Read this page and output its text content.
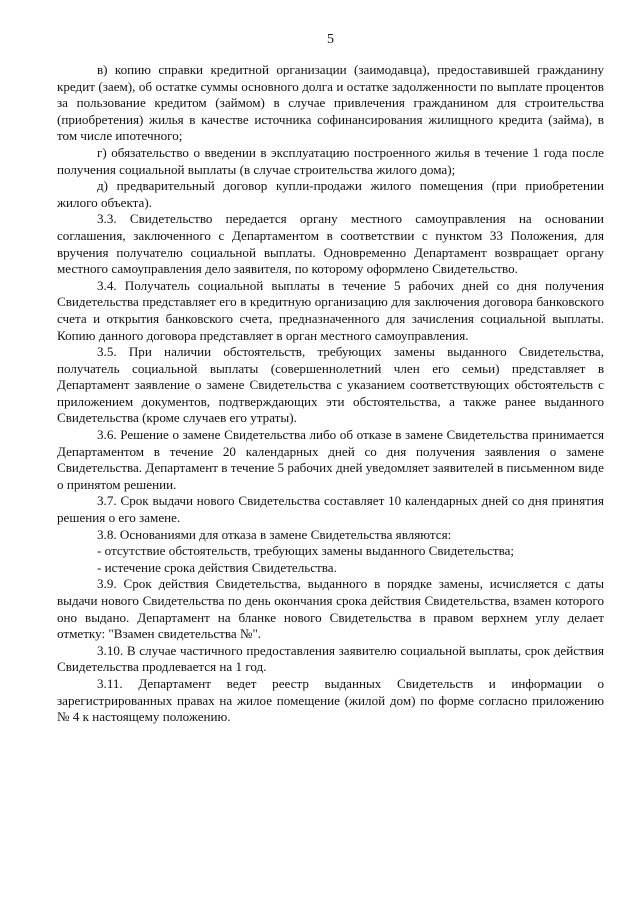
5

в) копию справки кредитной организации (заимодавца), предоставившей гражданину кредит (заем), об остатке суммы основного долга и остатке задолженности по выплате процентов за пользование кредитом (займом) в случае привлечения гражданином для строительства (приобретения) жилья в качестве источника софинансирования жилищного кредита (займа), в том числе ипотечного;

г) обязательство о введении в эксплуатацию построенного жилья в течение 1 года после получения социальной выплаты (в случае строительства жилого дома);

д) предварительный договор купли-продажи жилого помещения (при приобретении жилого объекта).

3.3. Свидетельство передается органу местного самоуправления на основании соглашения, заключенного с Департаментом в соответствии с пунктом 33 Положения, для вручения получателю социальной выплаты. Одновременно Департамент возвращает органу местного самоуправления дело заявителя, по которому оформлено Свидетельство.

3.4. Получатель социальной выплаты в течение 5 рабочих дней со дня получения Свидетельства представляет его в кредитную организацию для заключения договора банковского счета и открытия банковского счета, предназначенного для зачисления социальной выплаты. Копию данного договора представляет в орган местного самоуправления.

3.5. При наличии обстоятельств, требующих замены выданного Свидетельства, получатель социальной выплаты (совершеннолетний член его семьи) представляет в Департамент заявление о замене Свидетельства с указанием соответствующих обстоятельств с приложением документов, подтверждающих эти обстоятельства, а также ранее выданного Свидетельства (кроме случаев его утраты).

3.6. Решение о замене Свидетельства либо об отказе в замене Свидетельства принимается Департаментом в течение 20 календарных дней со дня получения заявления о замене Свидетельства. Департамент в течение 5 рабочих дней уведомляет заявителей в письменном виде о принятом решении.

3.7. Срок выдачи нового Свидетельства составляет 10 календарных дней со дня принятия решения о его замене.

3.8. Основаниями для отказа в замене Свидетельства являются:

- отсутствие обстоятельств, требующих замены выданного Свидетельства;

- истечение срока действия Свидетельства.

3.9. Срок действия Свидетельства, выданного в порядке замены, исчисляется с даты выдачи нового Свидетельства по день окончания срока действия Свидетельства, взамен которого оно выдано. Департамент на бланке нового Свидетельства в правом верхнем углу делает отметку: "Взамен свидетельства №".

3.10. В случае частичного предоставления заявителю социальной выплаты, срок действия Свидетельства продлевается на 1 год.

3.11. Департамент ведет реестр выданных Свидетельств и информации о зарегистрированных правах на жилое помещение (жилой дом) по форме согласно приложению № 4 к настоящему положению.
